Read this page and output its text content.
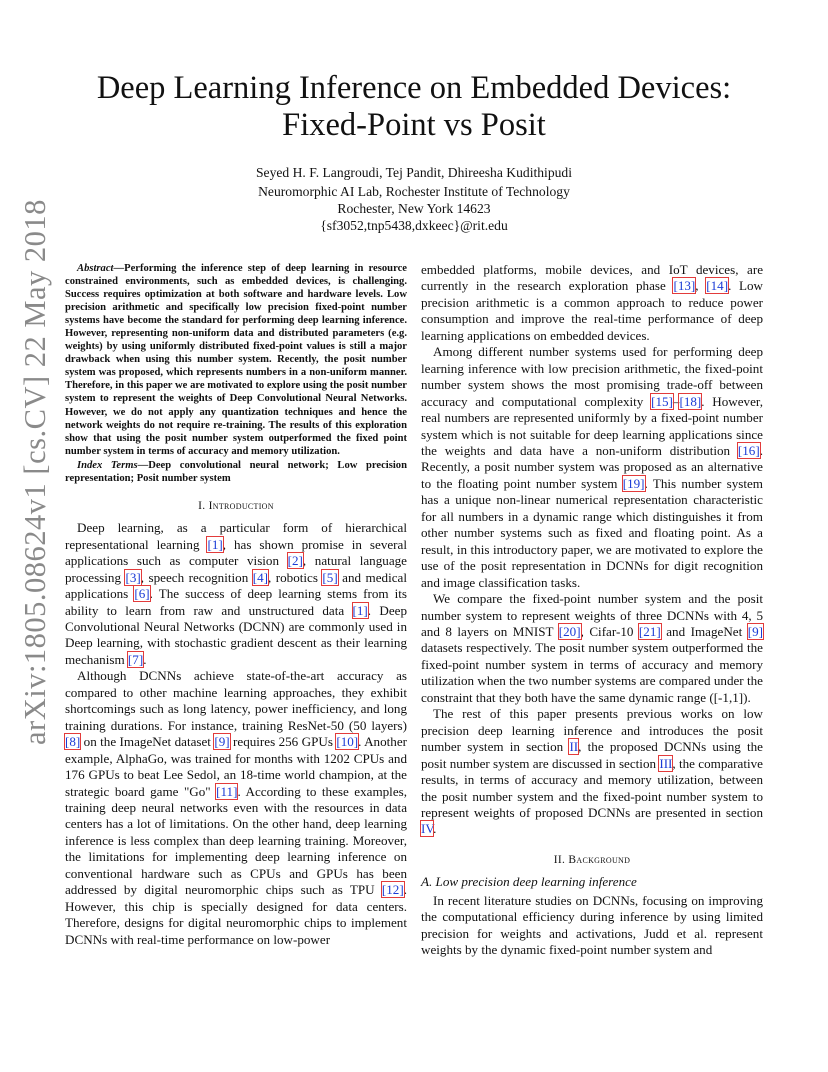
arXiv:1805.08624v1 [cs.CV] 22 May 2018
Deep Learning Inference on Embedded Devices:
Fixed-Point vs Posit
Seyed H. F. Langroudi, Tej Pandit, Dhireesha Kudithipudi
Neuromorphic AI Lab, Rochester Institute of Technology
Rochester, New York 14623
{sf3052,tnp5438,dxkeec}@rit.edu

Abstract—Performing the inference step of deep learning in resource constrained environments, such as embedded devices, is challenging. Success requires optimization at both software and hardware levels. Low precision arithmetic and specifically low precision fixed-point number systems have become the standard for performing deep learning inference. However, representing non-uniform data and distributed parameters (e.g. weights) by using uniformly distributed fixed-point values is still a major drawback when using this number system. Recently, the posit number system was proposed, which represents numbers in a non-uniform manner. Therefore, in this paper we are motivated to explore using the posit number system to represent the weights of Deep Convolutional Neural Networks. However, we do not apply any quantization techniques and hence the network weights do not require re-training. The results of this exploration show that using the posit number system outperformed the fixed point number system in terms of accuracy and memory utilization.

Index Terms—Deep convolutional neural network; Low precision representation; Posit number system

I. Introduction

Deep learning, as a particular form of hierarchical representational learning [1], has shown promise in several applications such as computer vision [2], natural language processing [3], speech recognition [4], robotics [5] and medical applications [6]. The success of deep learning stems from its ability to learn from raw and unstructured data [1]. Deep Convolutional Neural Networks (DCNN) are commonly used in Deep learning, with stochastic gradient descent as their learning mechanism [7].

Although DCNNs achieve state-of-the-art accuracy as compared to other machine learning approaches, they exhibit shortcomings such as long latency, power inefficiency, and long training durations. For instance, training ResNet-50 (50 layers) [8] on the ImageNet dataset [9] requires 256 GPUs [10]. Another example, AlphaGo, was trained for months with 1202 CPUs and 176 GPUs to beat Lee Sedol, an 18-time world champion, at the strategic board game "Go" [11]. According to these examples, training deep neural networks even with the resources in data centers has a lot of limitations. On the other hand, deep learning inference is less complex than deep learning training. Moreover, the limitations for implementing deep learning inference on conventional hardware such as CPUs and GPUs has been addressed by digital neuromorphic chips such as TPU [12]. However, this chip is specially designed for data centers. Therefore, designs for digital neuromorphic chips to implement DCNNs with real-time performance on low-power

embedded platforms, mobile devices, and IoT devices, are currently in the research exploration phase [13], [14]. Low precision arithmetic is a common approach to reduce power consumption and improve the real-time performance of deep learning applications on embedded devices.

Among different number systems used for performing deep learning inference with low precision arithmetic, the fixed-point number system shows the most promising trade-off between accuracy and computational complexity [15]–[18]. However, real numbers are represented uniformly by a fixed-point number system which is not suitable for deep learning applications since the weights and data have a non-uniform distribution [16]. Recently, a posit number system was proposed as an alternative to the floating point number system [19]. This number system has a unique non-linear numerical representation characteristic for all numbers in a dynamic range which distinguishes it from other number systems such as fixed and floating point. As a result, in this introductory paper, we are motivated to explore the use of the posit representation in DCNNs for digit recognition and image classification tasks.

We compare the fixed-point number system and the posit number system to represent weights of three DCNNs with 4, 5 and 8 layers on MNIST [20], Cifar-10 [21] and ImageNet [9] datasets respectively. The posit number system outperformed the fixed-point number system in terms of accuracy and memory utilization when the two number systems are compared under the constraint that they both have the same dynamic range ([-1,1]).

The rest of this paper presents previous works on low precision deep learning inference and introduces the posit number system in section II, the proposed DCNNs using the posit number system are discussed in section III, the comparative results, in terms of accuracy and memory utilization, between the posit number system and the fixed-point number system to represent weights of proposed DCNNs are presented in section IV.

II. Background

A. Low precision deep learning inference

In recent literature studies on DCNNs, focusing on improving the computational efficiency during inference by using limited precision for weights and activations, Judd et al. represent weights by the dynamic fixed-point number system and
